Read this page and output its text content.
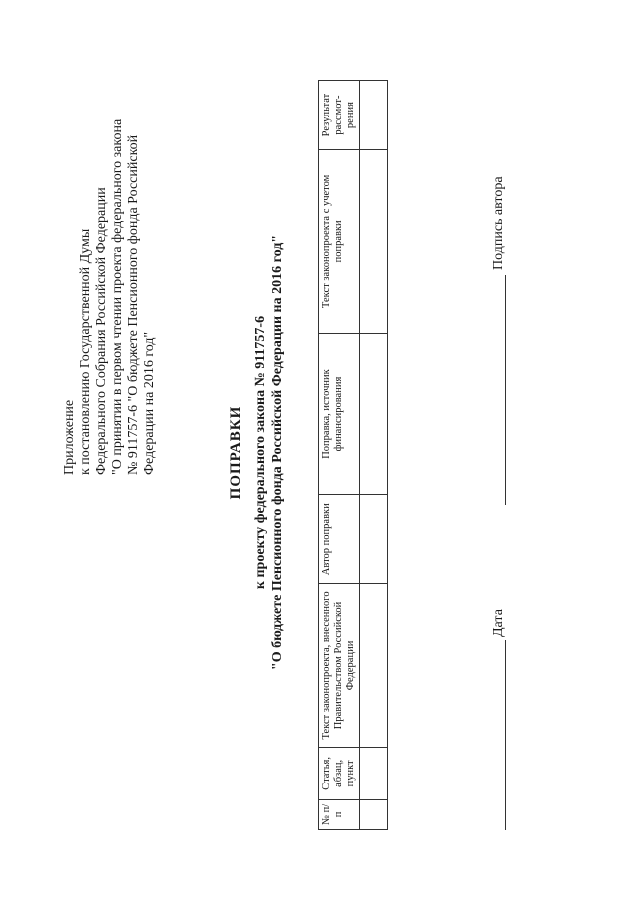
Приложение к постановлению Государственной Думы Федерального Собрания Российской Федерации "О принятии в первом чтении проекта федерального закона № 911757-6 "О бюджете Пенсионного фонда Российской Федерации на 2016 год"	ПОПРАВКИ к проекту федерального закона № 911757-6 "О бюджете Пенсионного фонда Российской Федерации на 2016 год"
№ п/п	Статья, абзац, пункт	Текст законопроекта, внесенного Правительством Российской Федерации	Автор поправки	Поправка, источник финансирования	Текст законопроекта с учетом поправки	Результат рассмот-рения

Дата
Подпись автора
